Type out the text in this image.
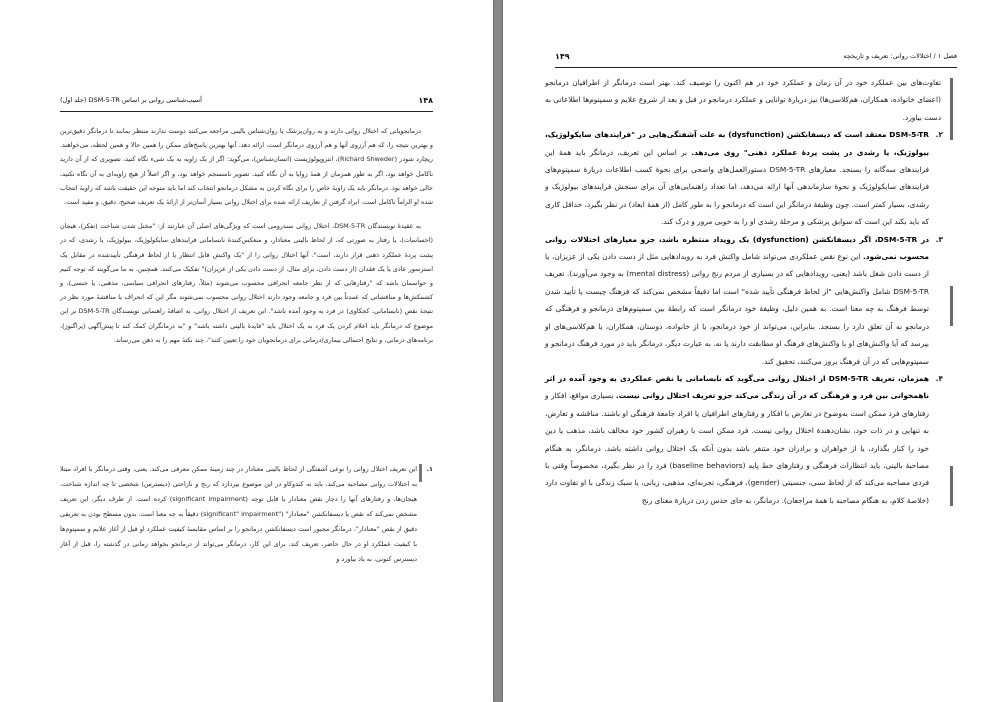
۱۴۸
آسیب‌شناسی روانی بر اساس DSM-5-TR (جلد اول)

درمانجویانی که اختلال روانی دارند و به روان‌پزشک یا روان‌شناس بالینی مراجعه می‌کنند دوست ندارند منتظر بمانند تا درمانگر دقیق‌ترین و بهترین نتیجه را، که هم آرزوی آنها و هم آرزوی درمانگر است، ارائه دهد. آنها بهترین پاسخ‌های ممکن را همین حالا و همین لحظه، می‌خواهند. ریچارد شودر (Richard Shweder)، انتروپولوژیست (انسان‌شناس)، می‌گوید: اگر از یک زاویه به یک شیء نگاه کنید، تصویری که از آن دارید ناکامل خواهد بود، اگر به طور همزمان از همهٔ زوایا به آن نگاه کنید، تصویر نامنسجم خواهد بود، و اگر اصلاً از هیچ زاویه‌ای به آن نگاه نکنید، خالی خواهد بود. درمانگر باید یک زاویهٔ خاص را برای نگاه کردن به مشکل درمانجو انتخاب کند اما باید متوجه این حقیقت باشد که زاویهٔ انتخاب شده او الزاماً ناکامل است. ایراد گرفتن از تعاریف ارائه شده برای اختلال روانی بسیار آسان‌تر از ارائهٔ یک تعریف صحیح، دقیق، و مفید است.

به عقیدهٔ نویسندگان DSM-5-TR، اختلال روانی سندرومی است که ویژگی‌های اصلی آن عبارتند از: "مختل شدن شناخت (تفکر)، هیجان (احساسات)، یا رفتار به صورتی که، از لحاظ بالینی معنادار، و منعکس‌کنندهٔ نابسامانی فرایندهای سایکولوژیک، بیولوژیک، یا رشدی، که در پشت پردهٔ عملکرد ذهنی قرار دارند، است". آنها اختلال روانی را از "یک واکنش قابل انتظار یا از لحاظ فرهنگی تأییدشده در مقابل یک استرسور عادی یا یک فقدان (از دست دادن، برای مثال، از دست دادن یکی از عزیزان)" تفکیک می‌کنند. همچنین، به ما می‌گویند که توجه کنیم و حواسمان باشد که "رفتارهایی که از نظر جامعه انحرافی محسوب می‌شوند (مثلاً، رفتارهای انحرافی سیاسی، مذهبی، یا جنسی)، و کشمکش‌ها و مناقشاتی که عمدتاً بین فرد و جامعه وجود دارند اختلال روانی محسوب نمی‌شوند مگر این که انحراف یا مناقشهٔ مورد نظر در نتیجهٔ نقص (نابسامانی، کجکاوی) در فرد به وجود آمده باشد". این تعریف از اختلال روانی، به اضافهٔ راهنمایی نویسندگان DSM-5-TR بر این موضوع که درمانگر باید اعلام کردن یک فرد به یک اختلال باید "فایدهٔ بالینی داشته باشد" و "به درمانگران کمک کند تا پیش‌آگهی (پراگنوز)، برنامه‌های درمانی، و نتایج احتمالی بیماری/درمانی برای درمانجویان خود را تعیین کنند"، چند نکتهٔ مهم را به ذهن می‌رساند.

۱.
این تعریف اختلال روانی را نوعی آشفتگی از لحاظ بالینی معنادار در چند زمینهٔ ممکن معرفی می‌کند. یعنی، وقتی درمانگر با افراد مبتلا به اختلالات روانی مصاحبه می‌کند، باید به کندوکاو در این موضوع بپردازد که رنج و ناراحتی (دیسترس) شخصی تا چه اندازه شناخت، هیجان‌ها، و رفتارهای آنها را دچار نقص معنادار یا قابل توجه (significant impairment) کرده است. از طرف دیگر، این تعریف مشخص نمی‌کند که نقص یا دیسفانکشن "معنادار" ("significant" impairment) دقیقاً به چه معنا است. بدون مسطح بودن به تعریفی دقیق از نقص "معنادار"، درمانگر مجبور است دیسفانکشن درمانجو را بر اساس مقایسهٔ کیفیت عملکرد او قبل از آغاز علایم و سمپتوم‌ها با کیفیت عملکرد او در حال حاضر، تعریف کند. برای این کار، درمانگر می‌تواند از درمانجو بخواهد زمانی در گذشته را، قبل از آغاز دیسترس کنونی، به یاد بیاورد و
فصل ۱ / اختلالات روانی: تعریف و تاریخچه
۱۴۹

تفاوت‌های بین عملکرد خود در آن زمان و عملکرد خود در هم اکنون را توصیف کند. بهتر است درمانگر از اطرافیان درمانجو (اعضای خانواده، همکاران، هم‌کلاسی‌ها) نیز دربارهٔ توانایی و عملکرد درمانجو در قبل و بعد از شروع علایم و سمپتوم‌ها اطلاعاتی به دست بیاورد.

۲.
DSM-5-TR معتقد است که دیسفانکشن (dysfunction) به علت آشفتگی‌هایی در "فرایندهای سایکولوژیک، بیولوژیک، یا رشدی در پشت پردهٔ عملکرد ذهنی" روی می‌دهد. بر اساس این تعریف، درمانگر باید همهٔ این فرایندهای سه‌گانه را بسنجد. معیارهای DSM-5-TR دستورالعمل‌های واضحی برای نحوهٔ کسب اطلاعات دربارهٔ سمپتوم‌های فرایندهای سایکولوژیک و نحوهٔ سازماندهی آنها ارائه می‌دهد، اما تعداد راهنمایی‌های آن برای سنجش فرایندهای بیولوژیک و رشدی، بسیار کمتر است. چون وظیفهٔ درمانگر این است که درمانجو را به طور کامل (از همهٔ ابعاد) در نظر بگیرد، حداقل کاری که باید بکند این است که سوابق پزشکی و مرحلهٔ رشدی او را به خوبی مرور و درک کند.
۳.
در DSM-5-TR، اگر دیسفانکشن (dysfunction) یک رویداد منتظره باشد، جزو معیارهای اختلالات روانی محسوب نمی‌شود. این نوع نقص عملکردی می‌تواند شامل واکنش فرد به رویدادهایی مثل از دست دادن یکی از عزیزان، یا از دست دادن شغل باشد (یعنی، رویدادهایی که در بسیاری از مردم رنج روانی (mental distress) به وجود می‌آورند). تعریف DSM-5-TR شامل واکنش‌هایی "از لحاظ فرهنگی تأیید شده" است اما دقیقاً مشخص نمی‌کند که فرهنگ چیست یا تأیید شدن توسط فرهنگ به چه معنا است. به همین دلیل، وظیفهٔ خود درمانگر است که رابطهٔ بین سمپتوم‌های درمانجو و فرهنگی که درمانجو به آن تعلق دارد را بسنجد. بنابراین، می‌تواند از خود درمانجو، یا از خانواده، دوستان، همکاران، یا هم‌کلاسی‌های او بپرسد که آیا واکنش‌های او با واکنش‌های فرهنگ او مطابقت دارند یا نه. به عبارت دیگر، درمانگر باید در مورد فرهنگ درمانجو و سمپتوم‌هایی که در آن فرهنگ بروز می‌کنند، تحقیق کند.
۴.
همزمان، تعریف DSM-5-TR از اختلال روانی می‌گوید که نابسامانی یا نقص عملکردی به وجود آمده در اثر ناهمخوانی بین فرد و فرهنگی که در آن زندگی می‌کند جزو تعریف اختلال روانی نیست. بسیاری مواقع، افکار و رفتارهای فرد ممکن است به‌وضوح در تعارض با افکار و رفتارهای اطرافیان یا افراد جامعهٔ فرهنگی او باشند. مناقشه و تعارض، به تنهایی و در ذات خود، نشان‌دهندهٔ اختلال روانی نیست. فرد ممکن است با رهبران کشور خود مخالف باشد، مذهب یا دین خود را کنار بگذارد، یا از خواهران و برادران خود متنفر باشد بدون آنکه یک اختلال روانی داشته باشد. درمانگر، به هنگام مصاحبهٔ بالینی، باید انتظارات فرهنگی و رفتارهای خط پایه (baseline behaviors) فرد را در نظر بگیرد، مخصوصاً وقتی با فردی مصاحبه می‌کند که از لحاظ سنی، جنسیتی (gender)، فرهنگی، تجربه‌ای، مذهبی، زبانی، یا سبک زندگی با او تفاوت دارد (خلاصهٔ کلام، به هنگام مصاحبه با همهٔ مراجعان). درمانگر، به جای حدس زدن دربارهٔ معنای رنج
